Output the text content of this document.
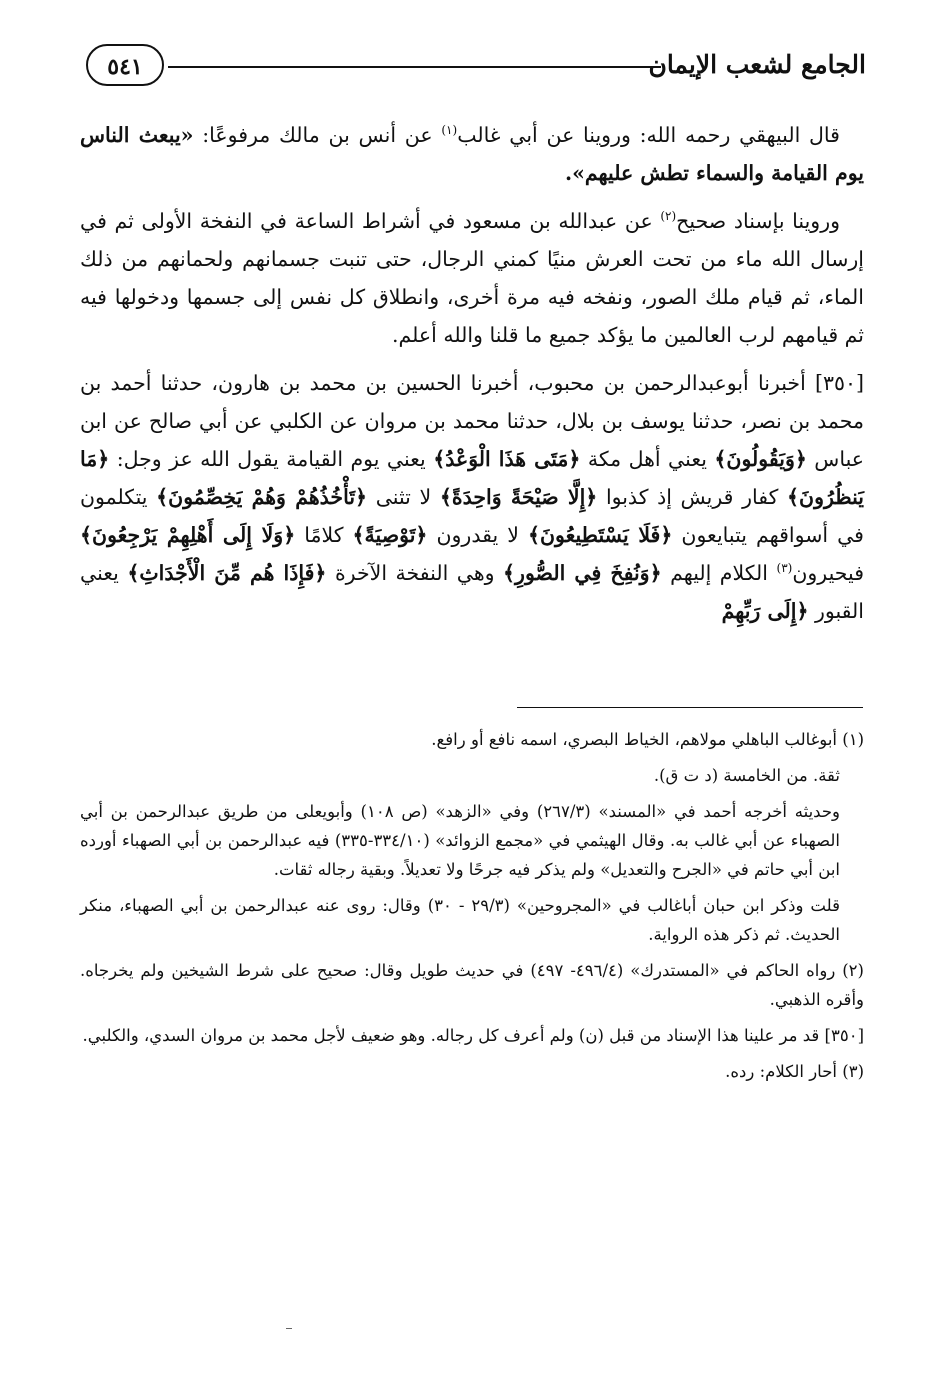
الجامع لشعب الإيمان
٥٤١

قال البيهقي رحمه الله: وروينا عن أبي غالب$^{(١)}$ عن أنس بن مالك مرفوعًا: «يبعث الناس يوم القيامة والسماء تطش عليهم».

وروينا بإسناد صحيح$^{(٢)}$ عن عبدالله بن مسعود في أشراط الساعة في النفخة الأولى ثم في إرسال الله ماء من تحت العرش منيًا كمني الرجال، حتى تنبت جسمانهم ولحمانهم من ذلك الماء، ثم قيام ملك الصور، ونفخه فيه مرة أخرى، وانطلاق كل نفس إلى جسمها ودخولها فيه ثم قيامهم لرب العالمين ما يؤكد جميع ما قلنا والله أعلم.

[٣٥٠] أخبرنا أبوعبدالرحمن بن محبوب، أخبرنا الحسين بن محمد بن هارون، حدثنا أحمد بن محمد بن نصر، حدثنا يوسف بن بلال، حدثنا محمد بن مروان عن الكلبي عن أبي صالح عن ابن عباس ﴿وَيَقُولُونَ﴾ يعني أهل مكة ﴿مَتَى هَذَا الْوَعْدُ﴾ يعني يوم القيامة يقول الله عز وجل: ﴿مَا يَنظُرُونَ﴾ كفار قريش إذ كذبوا ﴿إِلَّا صَيْحَةً وَاحِدَةً﴾ لا تثنى ﴿تَأْخُذُهُمْ وَهُمْ يَخِصِّمُونَ﴾ يتكلمون في أسواقهم يتبايعون ﴿فَلَا يَسْتَطِيعُونَ﴾ لا يقدرون ﴿تَوْصِيَةً﴾ كلامًا ﴿وَلَا إِلَى أَهْلِهِمْ يَرْجِعُونَ﴾ فيحيرون$^{(٣)}$ الكلام إليهم ﴿وَنُفِخَ فِي الصُّورِ﴾ وهي النفخة الآخرة ﴿فَإِذَا هُم مِّنَ الْأَجْدَاثِ﴾ يعني القبور ﴿إِلَى رَبِّهِمْ

(١) أبوغالب الباهلي مولاهم، الخياط البصري، اسمه نافع أو رافع.

ثقة. من الخامسة (د ت ق).

وحديثه أخرجه أحمد في «المسند» (٢٦٧/٣) وفي «الزهد» (ص ١٠٨) وأبويعلى من طريق عبدالرحمن بن أبي الصهباء عن أبي غالب به. وقال الهيثمي في «مجمع الزوائد» (٣٣٤/١٠-٣٣٥) فيه عبدالرحمن بن أبي الصهباء أورده ابن أبي حاتم في «الجرح والتعديل» ولم يذكر فيه جرحًا ولا تعديلاً. وبقية رجاله ثقات.

قلت وذكر ابن حبان أباغالب في «المجروحين» (٢٩/٣ - ٣٠) وقال: روى عنه عبدالرحمن بن أبي الصهباء، منكر الحديث. ثم ذكر هذه الرواية.

(٢) رواه الحاكم في «المستدرك» (٤٩٦/٤- ٤٩٧) في حديث طويل وقال: صحيح على شرط الشيخين ولم يخرجاه. وأقره الذهبي.

[٣٥٠] قد مر علينا هذا الإسناد من قبل (ن) ولم أعرف كل رجاله. وهو ضعيف لأجل محمد بن مروان السدي، والكلبي.

(٣) أحار الكلام: رده.
